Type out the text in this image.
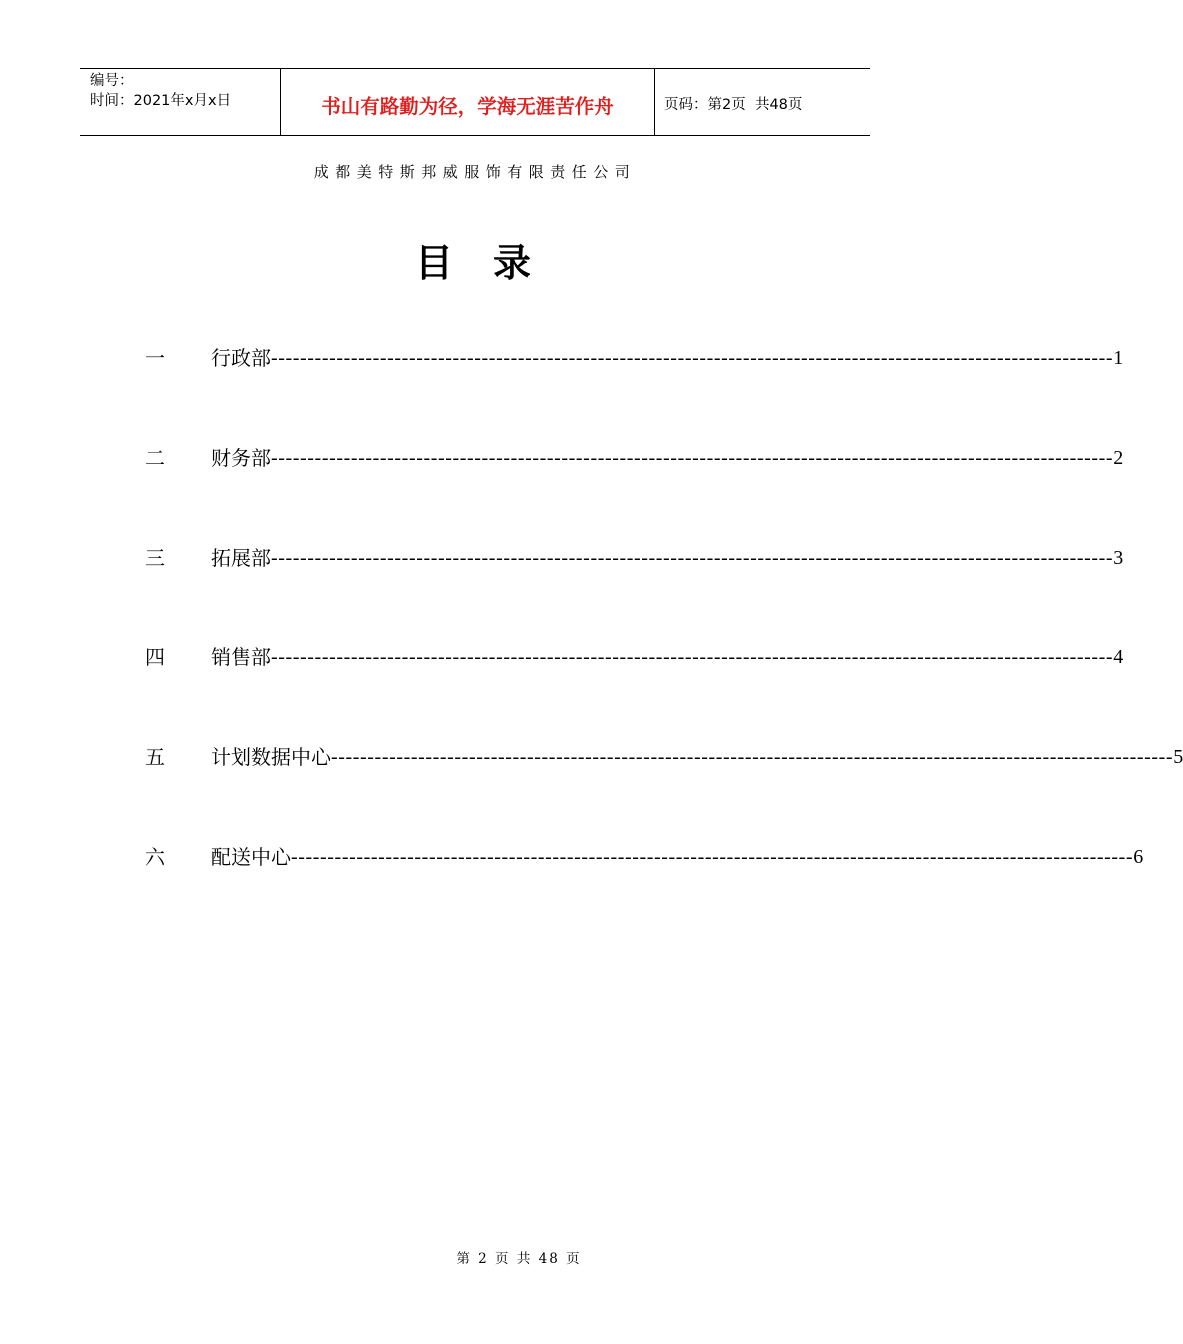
编号：
时间：2021年x月x日	书山有路勤为径，学海无涯苦作舟	页码：第2页  共48页
成都美特斯邦威服饰有限责任公司
目录
一	行政部 -------------------------------------------------------------------------------------------------------------------- 1
二	财务部 -------------------------------------------------------------------------------------------------------------------- 2
三	拓展部 -------------------------------------------------------------------------------------------------------------------- 3
四	销售部 -------------------------------------------------------------------------------------------------------------------- 4
五	计划数据中心 -------------------------------------------------------------------------------------------------------------------- 5
六	配送中心 -------------------------------------------------------------------------------------------------------------------- 6
第 2 页 共 48 页
